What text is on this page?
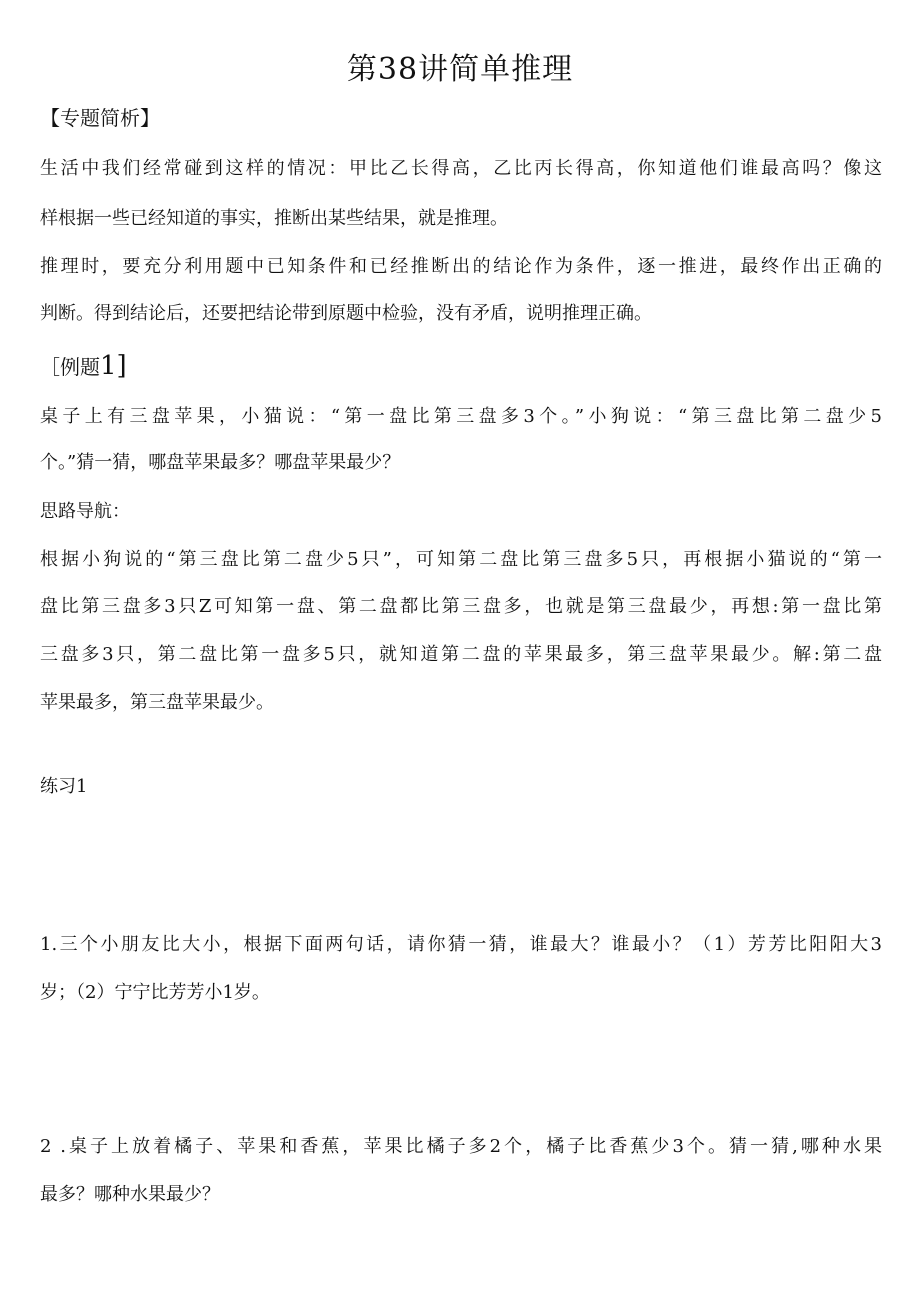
第38讲简单推理
【专题简析】
生活中我们经常碰到这样的情况：甲比乙长得高，乙比丙长得高，你知道他们谁最高吗？像这
样根据一些已经知道的事实，推断出某些结果，就是推理。
推理时，要充分利用题中已知条件和已经推断出的结论作为条件，逐一推进，最终作出正确的
判断。得到结论后，还要把结论带到原题中检验，没有矛盾，说明推理正确。
［例题1]
桌子上有三盘苹果，小猫说：“第一盘比第三盘多3个。”小狗说：“第三盘比第二盘少5
个。”猜一猜，哪盘苹果最多？哪盘苹果最少？
思路导航：
根据小狗说的“第三盘比第二盘少5只”，可知第二盘比第三盘多5只，再根据小猫说的“第一
盘比第三盘多3只Z可知第一盘、第二盘都比第三盘多，也就是第三盘最少，再想:第一盘比第
三盘多3只，第二盘比第一盘多5只，就知道第二盘的苹果最多，第三盘苹果最少。解:第二盘
苹果最多，第三盘苹果最少。
练习1
1.三个小朋友比大小，根据下面两句话，请你猜一猜，谁最大？谁最小？（1）芳芳比阳阳大3
岁；（2）宁宁比芳芳小1岁。
2 .桌子上放着橘子、苹果和香蕉，苹果比橘子多2个，橘子比香蕉少3个。猜一猜,哪种水果
最多？哪种水果最少？
